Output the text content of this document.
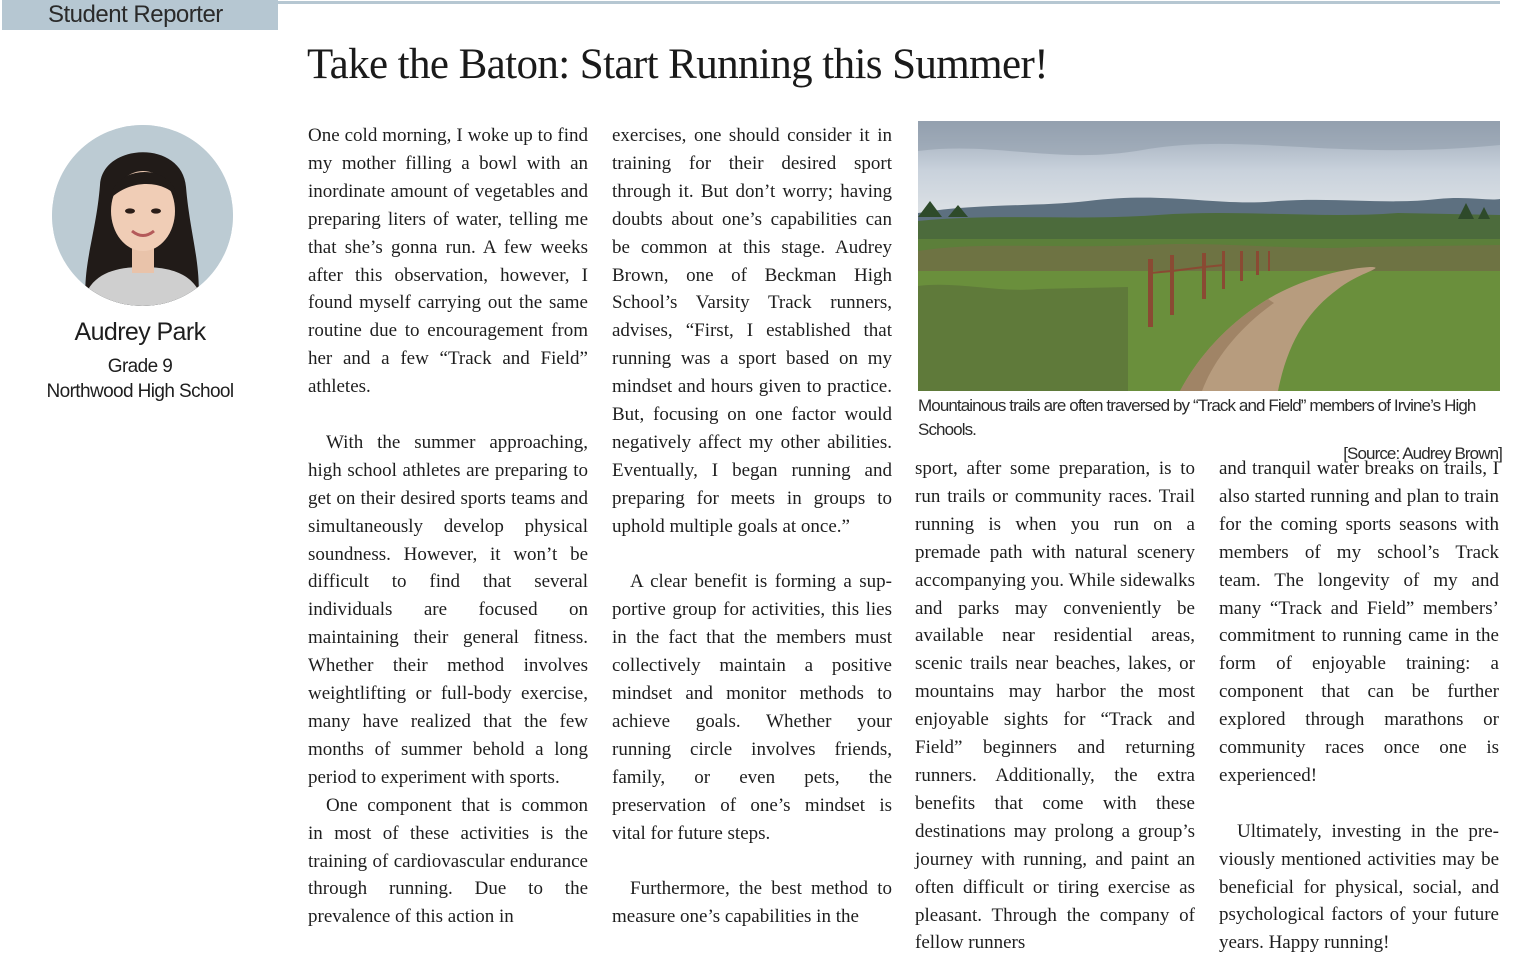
Student Reporter
Take the Baton: Start Running this Summer!
Audrey Park
Grade 9
Northwood High School

One cold morning, I woke up to find my mother filling a bowl with an inordinate amount of vegetables and preparing liters of water, telling me that she’s gonna run. A few weeks after this observation, however, I found myself carrying out the same routine due to encouragement from her and a few “Track and Field” athletes.

With the summer approaching, high school athletes are preparing to get on their desired sports teams and simultaneously develop physical soundness. However, it won’t be difficult to find that several individuals are focused on maintaining their general fitness. Whether their method involves weightlifting or full-body exercise, many have realized that the few months of summer behold a long period to experiment with sports.

One component that is common in most of these activities is the training of cardiovascular endurance through running. Due to the prevalence of this action in

exercises, one should consider it in training for their desired sport through it. But don’t worry; having doubts about one’s capabilities can be common at this stage. Audrey Brown, one of Beckman High School’s Varsity Track runners, advises, “First, I established that running was a sport based on my mindset and hours given to practice. But, focusing on one factor would negatively affect my other abilities. Eventually, I began running and preparing for meets in groups to uphold multiple goals at once.”

A clear benefit is forming a supportive group for activities, this lies in the fact that the members must collectively maintain a positive mindset and monitor methods to achieve goals. Whether your running circle involves friends, family, or even pets, the preservation of one’s mindset is vital for future steps.

Furthermore, the best method to measure one’s capabilities in the

Mountainous trails are often traversed by “Track and Field” members of Irvine’s High Schools.

[Source: Audrey Brown]

sport, after some preparation, is to run trails or community races. Trail running is when you run on a premade path with natural scenery accompanying you. While sidewalks and parks may conveniently be available near residential areas, scenic trails near beaches, lakes, or mountains may harbor the most enjoyable sights for “Track and Field” beginners and returning runners. Additionally, the extra benefits that come with these destinations may prolong a group’s journey with running, and paint an often difficult or tiring exercise as pleasant. Through the company of fellow runners

and tranquil water breaks on trails, I also started running and plan to train for the coming sports seasons with members of my school’s Track team. The longevity of my and many “Track and Field” members’ commitment to running came in the form of enjoyable training: a component that can be further explored through marathons or community races once one is experienced!

Ultimately, investing in the previously mentioned activities may be beneficial for physical, social, and psychological factors of your future years. Happy running!
